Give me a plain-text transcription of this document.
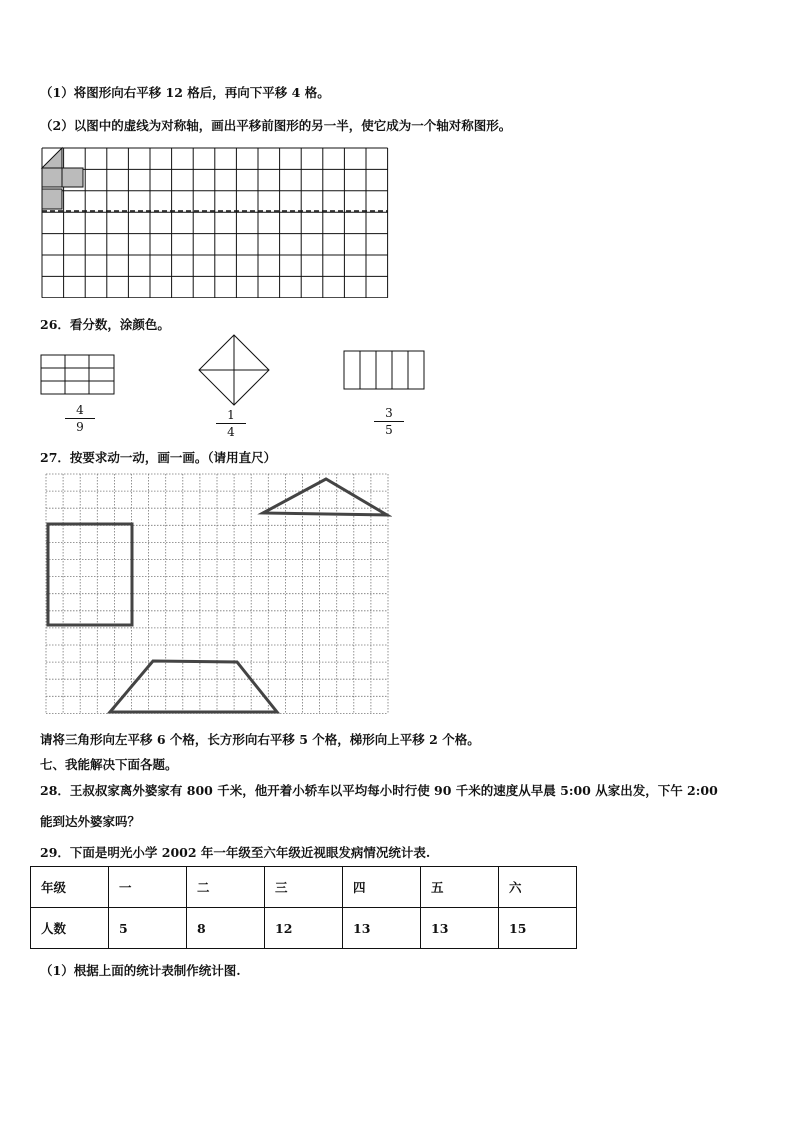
（1）将图形向右平移 12 格后，再向下平移 4 格。
（2）以图中的虚线为对称轴，画出平移前图形的另一半，使它成为一个轴对称图形。
26．看分数，涂颜色。
4
9
1
4
3
5
27．按要求动一动，画一画。（请用直尺）
请将三角形向左平移 6 个格，长方形向右平移 5 个格，梯形向上平移 2 个格。
七、我能解决下面各题。
28．王叔叔家离外婆家有 800 千米，他开着小轿车以平均每小时行使 90 千米的速度从早晨 5:00 从家出发，下午 2:00
能到达外婆家吗？
29．下面是明光小学 2002 年一年级至六年级近视眼发病情况统计表.
年级	一	二	三	四	五	六
人数	5	8	12	13	13	15
（1）根据上面的统计表制作统计图.
